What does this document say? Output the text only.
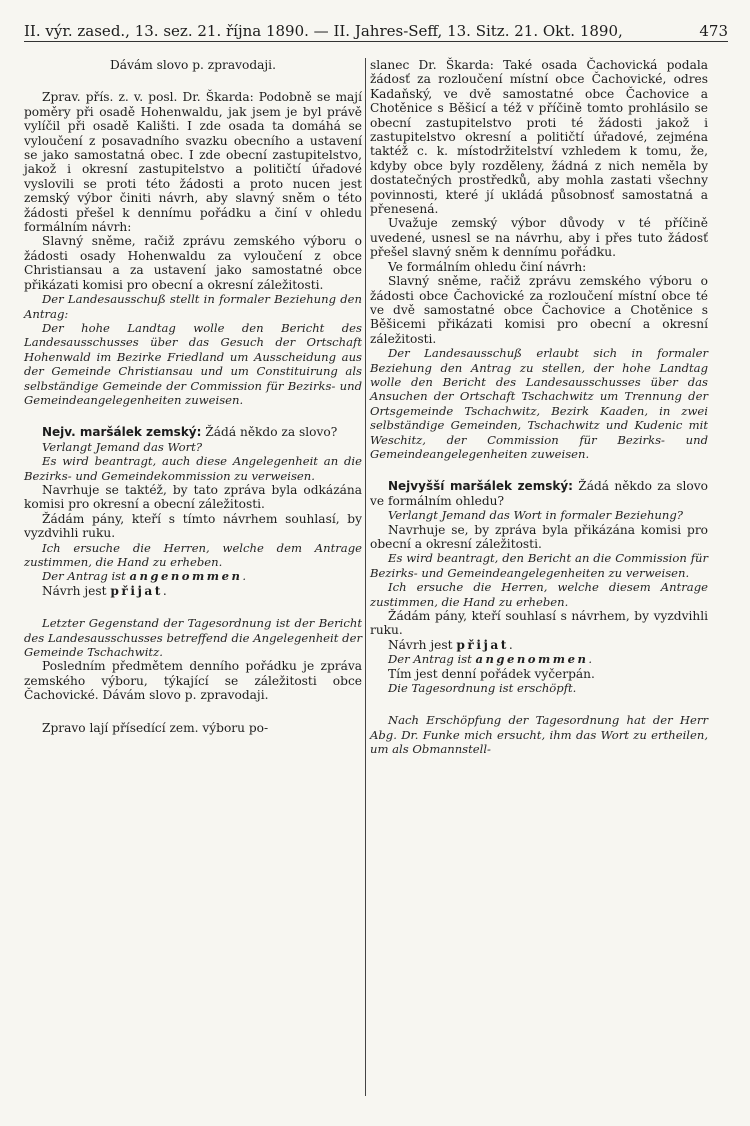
II. výr. zased., 13. sez. 21. října 1890. — II. Jahres-Seff, 13. Sitz. 21. Okt. 1890,	473

Dávám slovo p. zpravodaji.

Zprav. přís. z. v. posl. Dr. Škarda: Podobně se mají poměry při osadě Hohenwaldu, jak jsem je byl právě vylíčil při osadě Kališti. I zde osada ta domáhá se vyloučení z posavadního svazku obecního a ustavení se jako samostatná obec. I zde obecní zastupitelstvo, jakož i okresní zastupitelstvo a političtí úřadové vyslovili se proti této žádosti a proto nucen jest zemský výbor činiti návrh, aby slavný sněm o této žádosti přešel k dennímu pořádku a činí v ohledu formálním návrh:

Slavný sněme, račiž zprávu zemského výboru o žádosti osady Hohenwaldu za vyloučení z obce Christiansau a za ustavení jako samostatné obce přikázati komisi pro obecní a okresní záležitosti.

Der Landesausschuß stellt in formaler Beziehung den Antrag:

Der hohe Landtag wolle den Bericht des Landesausschusses über das Gesuch der Ortschaft Hohenwald im Bezirke Friedland um Ausscheidung aus der Gemeinde Christiansau und um Constituirung als selbständige Gemeinde der Commission für Bezirks- und Gemeindeangelegenheiten zuweisen.

Nejv. maršálek zemský: Žádá někdo za slovo?

Verlangt Jemand das Wort?

Es wird beantragt, auch diese Angelegenheit an die Bezirks- und Gemeindekommission zu verweisen.

Navrhuje se taktéž, by tato zpráva byla odkázána komisi pro okresní a obecní záležitosti.

Žádám pány, kteří s tímto návrhem souhlasí, by vyzdvihli ruku.

Ich ersuche die Herren, welche dem Antrage zustimmen, die Hand zu erheben.

Der Antrag ist angenommen.

Návrh jest přijat.

Letzter Gegenstand der Tagesordnung ist der Bericht des Landesausschusses betreffend die Angelegenheit der Gemeinde Tschachwitz.

Posledním předmětem denního pořádku je zpráva zemského výboru, týkající se záležitosti obce Čachovické. Dávám slovo p. zpravodaji.

Zpravo lají přísedící zem. výboru po-

slanec Dr. Škarda: Také osada Čachovická podala žádosť za rozloučení místní obce Čachovické, odres Kadaňský, ve dvě samostatné obce Čachovice a Chotěnice s Běšicí a též v příčině tomto prohlásilo se obecní zastupitelstvo proti té žádosti jakož i zastupitelstvo okresní a političtí úřadové, zejména taktéž c. k. místodržitelství vzhledem k tomu, že, kdyby obce byly rozděleny, žádná z nich neměla by dostatečných prostředků, aby mohla zastati všechny povinnosti, které jí ukládá působnosť samostatná a přenesená.

Uvažuje zemský výbor důvody v té příčině uvedené, usnesl se na návrhu, aby i přes tuto žádosť přešel slavný sněm k dennímu pořádku.

Ve formálním ohledu činí návrh:

Slavný sněme, račiž zprávu zemského výboru o žádosti obce Čachovické za rozloučení místní obce té ve dvě samostatné obce Čachovice a Chotěnice s Běšicemi přikázati komisi pro obecní a okresní záležitosti.

Der Landesausschuß erlaubt sich in formaler Beziehung den Antrag zu stellen, der hohe Landtag wolle den Bericht des Landesausschusses über das Ansuchen der Ortschaft Tschachwitz um Trennung der Ortsgemeinde Tschachwitz, Bezirk Kaaden, in zwei selbständige Gemeinden, Tschachwitz und Kudenic mit Weschitz, der Commission für Bezirks- und Gemeindeangelegenheiten zuweisen.

Nejvyšší maršálek zemský: Žádá někdo za slovo ve formálním ohledu?

Verlangt Jemand das Wort in formaler Beziehung?

Navrhuje se, by zpráva byla přikázána komisi pro obecní a okresní záležitosti.

Es wird beantragt, den Bericht an die Commission für Bezirks- und Gemeindeangelegenheiten zu verweisen.

Ich ersuche die Herren, welche diesem Antrage zustimmen, die Hand zu erheben.

Žádám pány, kteří souhlasí s návrhem, by vyzdvihli ruku.

Návrh jest přijat.

Der Antrag ist angenommen.

Tím jest denní pořádek vyčerpán.

Die Tagesordnung ist erschöpft.

Nach Erschöpfung der Tagesordnung hat der Herr Abg. Dr. Funke mich ersucht, ihm das Wort zu ertheilen, um als Obmannstell-
